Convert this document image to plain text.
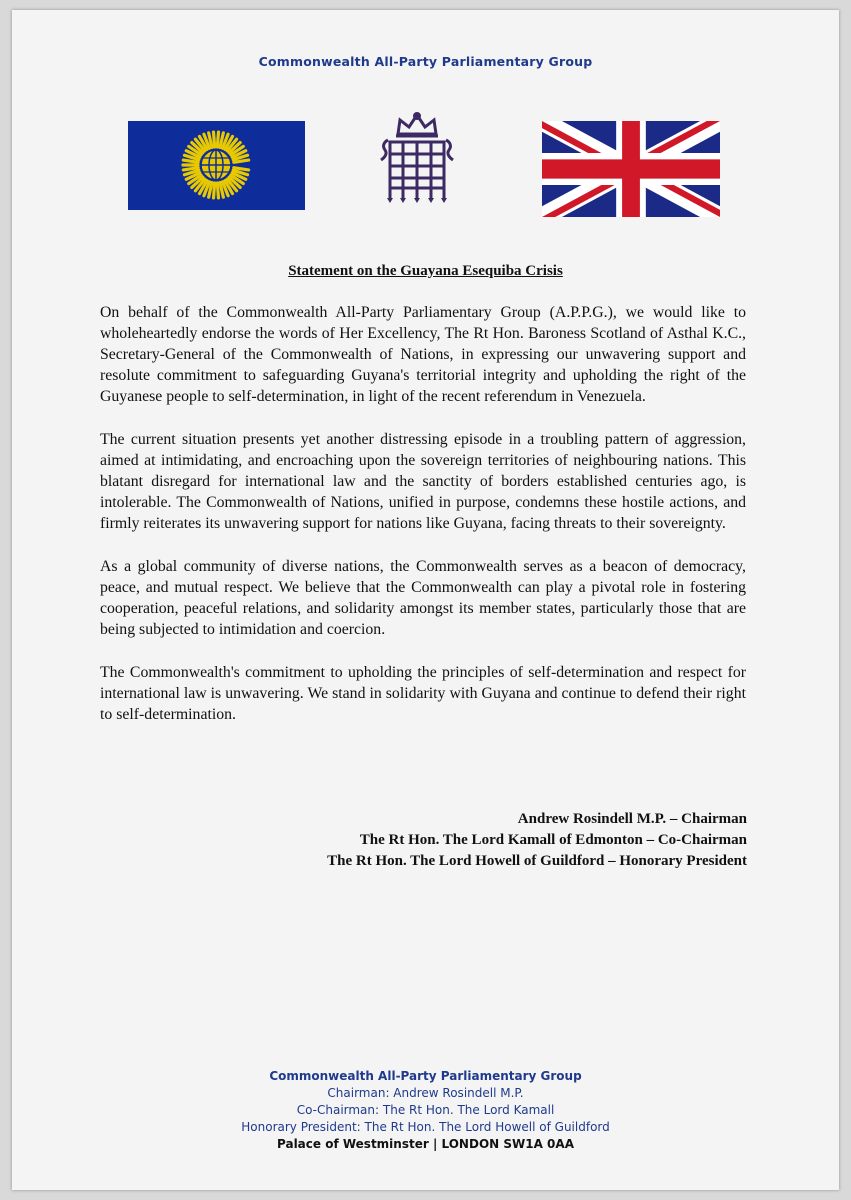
Commonwealth All-Party Parliamentary Group
Statement on the Guayana Esequiba Crisis

On behalf of the Commonwealth All-Party Parliamentary Group (A.P.P.G.), we would like to wholeheartedly endorse the words of Her Excellency, The Rt Hon. Baroness Scotland of Asthal K.C., Secretary-General of the Commonwealth of Nations, in expressing our unwavering support and resolute commitment to safeguarding Guyana's territorial integrity and upholding the right of the Guyanese people to self-determination, in light of the recent referendum in Venezuela.

The current situation presents yet another distressing episode in a troubling pattern of aggression, aimed at intimidating, and encroaching upon the sovereign territories of neighbouring nations. This blatant disregard for international law and the sanctity of borders established centuries ago, is intolerable. The Commonwealth of Nations, unified in purpose, condemns these hostile actions, and firmly reiterates its unwavering support for nations like Guyana, facing threats to their sovereignty.

As a global community of diverse nations, the Commonwealth serves as a beacon of democracy, peace, and mutual respect. We believe that the Commonwealth can play a pivotal role in fostering cooperation, peaceful relations, and solidarity amongst its member states, particularly those that are being subjected to intimidation and coercion.

The Commonwealth's commitment to upholding the principles of self-determination and respect for international law is unwavering. We stand in solidarity with Guyana and continue to defend their right to self-determination.

Andrew Rosindell M.P. – Chairman
The Rt Hon. The Lord Kamall of Edmonton – Co-Chairman
The Rt Hon. The Lord Howell of Guildford – Honorary President
Commonwealth All-Party Parliamentary Group
Chairman: Andrew Rosindell M.P.
Co-Chairman: The Rt Hon. The Lord Kamall
Honorary President: The Rt Hon. The Lord Howell of Guildford
Palace of Westminster | LONDON SW1A 0AA
